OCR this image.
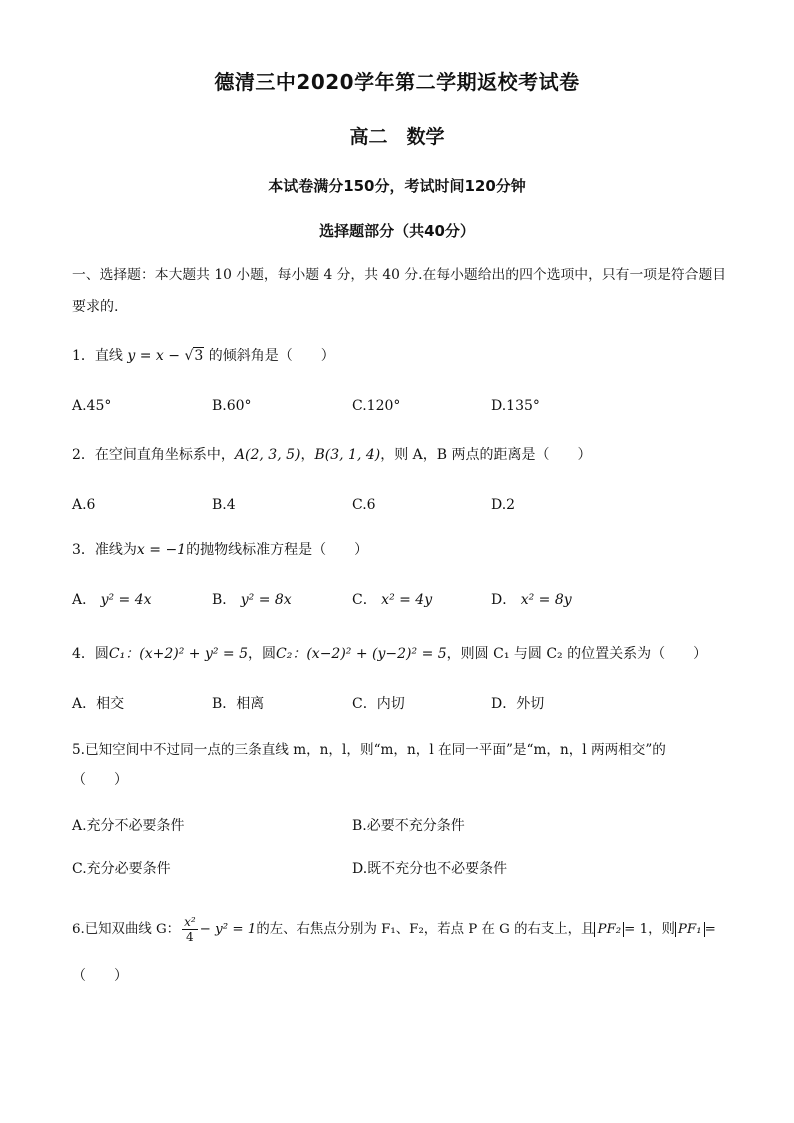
德清三中2020学年第二学期返校考试卷
高二　数学
本试卷满分150分，考试时间120分钟
选择题部分（共40分）
一、选择题：本大题共 10 小题，每小题 4 分，共 40 分.在每小题给出的四个选项中，只有一项是符合题目
要求的.
1．直线 y = x − √3 的倾斜角是（　　）
A.45°	B.60°	C.120°	D.135°
2．在空间直角坐标系中，A(2, 3, 5)，B(3, 1, 4)，则 A，B 两点的距离是（　　）
A.6	B.4	C.6	D.2
3．准线为x = −1的抛物线标准方程是（　　）
A． y² = 4x	B． y² = 8x	C． x² = 4y	D． x² = 8y
4．圆C₁：(x+2)² + y² = 5，圆C₂：(x−2)² + (y−2)² = 5，则圆 C₁ 与圆 C₂ 的位置关系为（　　）
A．相交	B．相离	C．内切	D．外切
5.已知空间中不过同一点的三条直线 m，n，l，则“m，n，l 在同一平面”是“m，n，l 两两相交”的
（　　）
A.充分不必要条件	B.必要不充分条件
C.充分必要条件	D.既不充分也不必要条件
6.已知双曲线 G： $\frac{\text{x²}}{4} - y^2 = 1$的左、右焦点分别为 F₁、F₂，若点 P 在 G 的右支上，且 PF₂ = 1，则 PF₁ =
（　　）
